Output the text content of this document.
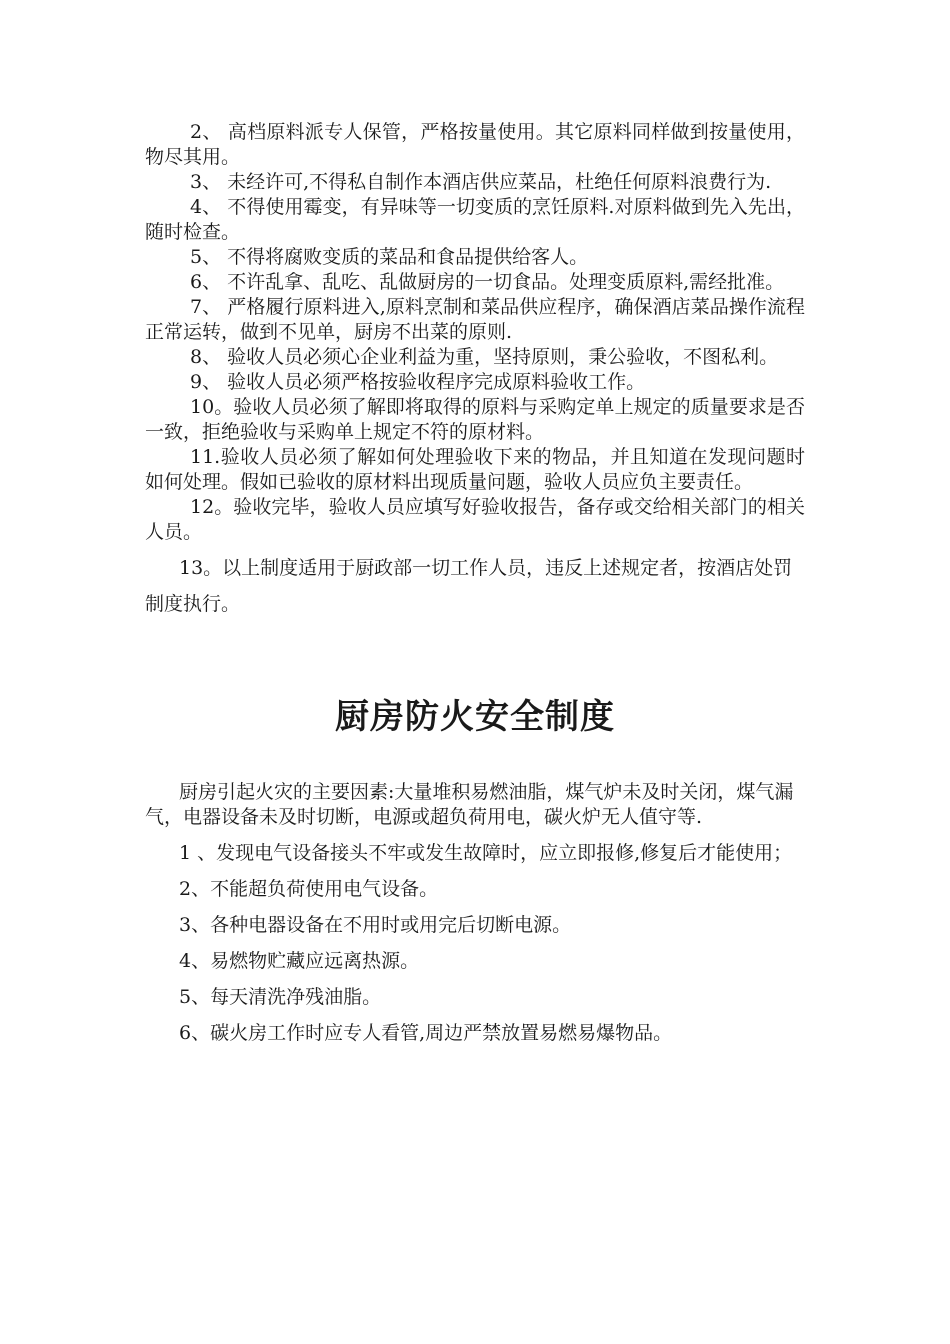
2、 高档原料派专人保管，严格按量使用。其它原料同样做到按量使用，物尽其用。

3、 未经许可,不得私自制作本酒店供应菜品，杜绝任何原料浪费行为.

4、 不得使用霉变，有异味等一切变质的烹饪原料.对原料做到先入先出，随时检查。

5、 不得将腐败变质的菜品和食品提供给客人。

6、 不许乱拿、乱吃、乱做厨房的一切食品。处理变质原料,需经批准。

7、 严格履行原料进入,原料烹制和菜品供应程序，确保酒店菜品操作流程正常运转，做到不见单，厨房不出菜的原则.

8、 验收人员必须心企业利益为重，坚持原则，秉公验收，不图私利。

9、 验收人员必须严格按验收程序完成原料验收工作。

10。验收人员必须了解即将取得的原料与采购定单上规定的质量要求是否一致，拒绝验收与采购单上规定不符的原材料。

11.验收人员必须了解如何处理验收下来的物品，并且知道在发现问题时如何处理。假如已验收的原材料出现质量问题，验收人员应负主要责任。

12。验收完毕，验收人员应填写好验收报告，备存或交给相关部门的相关人员。

13。以上制度适用于厨政部一切工作人员，违反上述规定者，按酒店处罚制度执行。

厨房防火安全制度

厨房引起火灾的主要因素:大量堆积易燃油脂，煤气炉未及时关闭，煤气漏气，电器设备未及时切断，电源或超负荷用电，碳火炉无人值守等.

1 、发现电气设备接头不牢或发生故障时，应立即报修,修复后才能使用；

2、不能超负荷使用电气设备。

3、各种电器设备在不用时或用完后切断电源。

4、易燃物贮藏应远离热源。

5、每天清洗净残油脂。

6、碳火房工作时应专人看管,周边严禁放置易燃易爆物品。
